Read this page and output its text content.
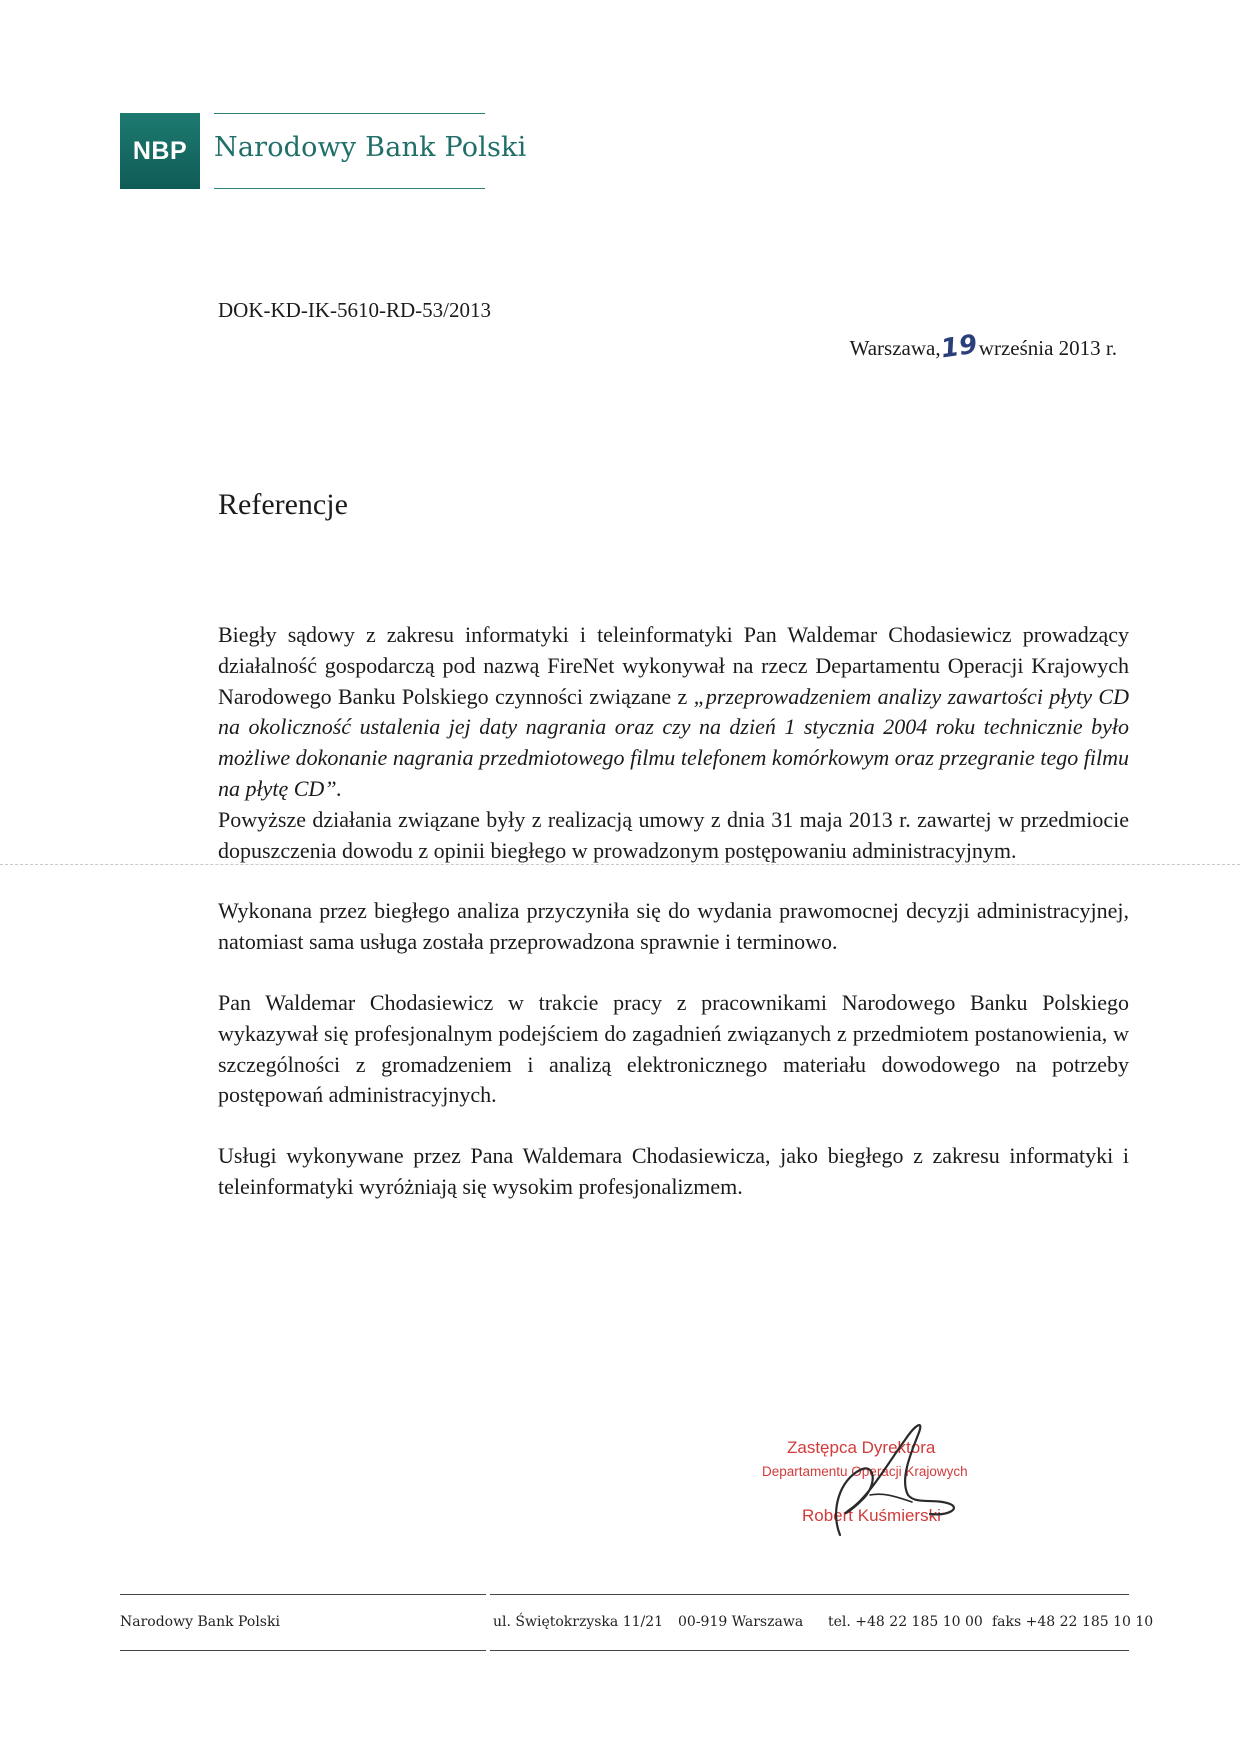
NBP Narodowy Bank Polski
DOK-KD-IK-5610-RD-53/2013
Warszawa,
19 września 2013 r.
Referencje

Biegły sądowy z zakresu informatyki i teleinformatyki Pan Waldemar Chodasiewicz prowadzący działalność gospodarczą pod nazwą FireNet wykonywał na rzecz Departamentu Operacji Krajowych Narodowego Banku Polskiego czynności związane z „przeprowadzeniem analizy zawartości płyty CD na okoliczność ustalenia jej daty nagrania oraz czy na dzień 1 stycznia 2004 roku technicznie było możliwe dokonanie nagrania przedmiotowego filmu telefonem komórkowym oraz przegranie tego filmu na płytę CD”.

Powyższe działania związane były z realizacją umowy z dnia 31 maja 2013 r. zawartej w przedmiocie dopuszczenia dowodu z opinii biegłego w prowadzonym postępowaniu administracyjnym.

Wykonana przez biegłego analiza przyczyniła się do wydania prawomocnej decyzji administracyjnej, natomiast sama usługa została przeprowadzona sprawnie i terminowo.

Pan Waldemar Chodasiewicz w trakcie pracy z pracownikami Narodowego Banku Polskiego wykazywał się profesjonalnym podejściem do zagadnień związanych z przedmiotem postanowienia, w szczególności z gromadzeniem i analizą elektronicznego materiału dowodowego na potrzeby postępowań administracyjnych.

Usługi wykonywane przez Pana Waldemara Chodasiewicza, jako biegłego z zakresu informatyki i teleinformatyki wyróżniają się wysokim profesjonalizmem.

Zastępca Dyrektora
Departamentu Operacji Krajowych
Robert Kuśmierski
Narodowy Bank Polski	ul. Świętokrzyska 11/21 00-919 Warszawa tel. +48 22 185 10 00 faks +48 22 185 10 10
